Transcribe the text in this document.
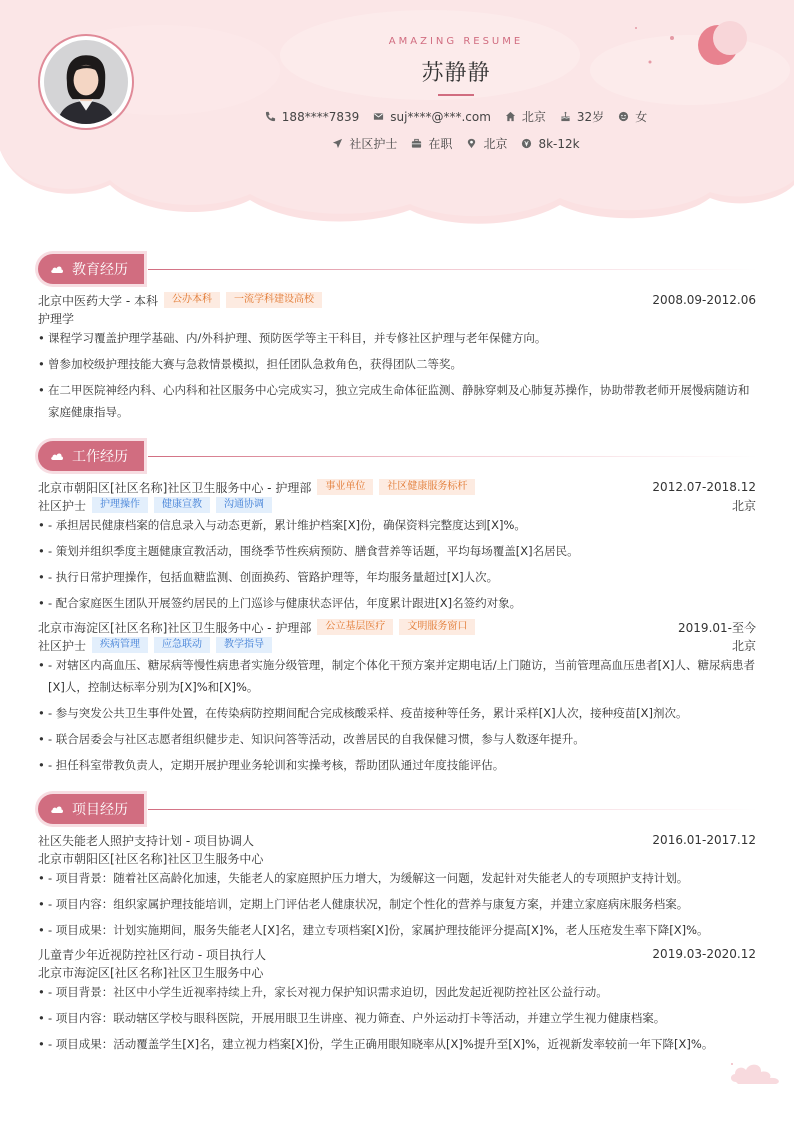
AMAZING RESUME
苏静静
188****7839	suj****@***.com	北京	32岁	女
社区护士	在职	北京	8k-12k
教育经历
北京中医药大学 - 本科	公办本科	一流学科建设高校	2008.09-2012.06
护理学
• 课程学习覆盖护理学基础、内/外科护理、预防医学等主干科目，并专修社区护理与老年保健方向。
• 曾参加校级护理技能大赛与急救情景模拟，担任团队急救角色，获得团队二等奖。
• 在二甲医院神经内科、心内科和社区服务中心完成实习，独立完成生命体征监测、静脉穿刺及心肺复苏操作，协助带教老师开展慢病随访和家庭健康指导。
工作经历
北京市朝阳区[社区名称]社区卫生服务中心 - 护理部	事业单位	社区健康服务标杆	2012.07-2018.12
社区护士	护理操作	健康宣教	沟通协调	北京
• - 承担居民健康档案的信息录入与动态更新，累计维护档案[X]份，确保资料完整度达到[X]%。
• - 策划并组织季度主题健康宣教活动，围绕季节性疾病预防、膳食营养等话题，平均每场覆盖[X]名居民。
• - 执行日常护理操作，包括血糖监测、创面换药、管路护理等，年均服务量超过[X]人次。
• - 配合家庭医生团队开展签约居民的上门巡诊与健康状态评估，年度累计跟进[X]名签约对象。
北京市海淀区[社区名称]社区卫生服务中心 - 护理部	公立基层医疗	文明服务窗口	2019.01-至今
社区护士	疾病管理	应急联动	教学指导	北京
• - 对辖区内高血压、糖尿病等慢性病患者实施分级管理，制定个体化干预方案并定期电话/上门随访，当前管理高血压患者[X]人、糖尿病患者[X]人，控制达标率分别为[X]%和[X]%。
• - 参与突发公共卫生事件处置，在传染病防控期间配合完成核酸采样、疫苗接种等任务，累计采样[X]人次，接种疫苗[X]剂次。
• - 联合居委会与社区志愿者组织健步走、知识问答等活动，改善居民的自我保健习惯，参与人数逐年提升。
• - 担任科室带教负责人，定期开展护理业务轮训和实操考核，帮助团队通过年度技能评估。
项目经历
社区失能老人照护支持计划 - 项目协调人	2016.01-2017.12
北京市朝阳区[社区名称]社区卫生服务中心
• - 项目背景：随着社区高龄化加速，失能老人的家庭照护压力增大，为缓解这一问题，发起针对失能老人的专项照护支持计划。
• - 项目内容：组织家属护理技能培训，定期上门评估老人健康状况，制定个性化的营养与康复方案，并建立家庭病床服务档案。
• - 项目成果：计划实施期间，服务失能老人[X]名，建立专项档案[X]份，家属护理技能评分提高[X]%，老人压疮发生率下降[X]%。
儿童青少年近视防控社区行动 - 项目执行人	2019.03-2020.12
北京市海淀区[社区名称]社区卫生服务中心
• - 项目背景：社区中小学生近视率持续上升，家长对视力保护知识需求迫切，因此发起近视防控社区公益行动。
• - 项目内容：联动辖区学校与眼科医院，开展用眼卫生讲座、视力筛查、户外运动打卡等活动，并建立学生视力健康档案。
• - 项目成果：活动覆盖学生[X]名，建立视力档案[X]份，学生正确用眼知晓率从[X]%提升至[X]%，近视新发率较前一年下降[X]%。
